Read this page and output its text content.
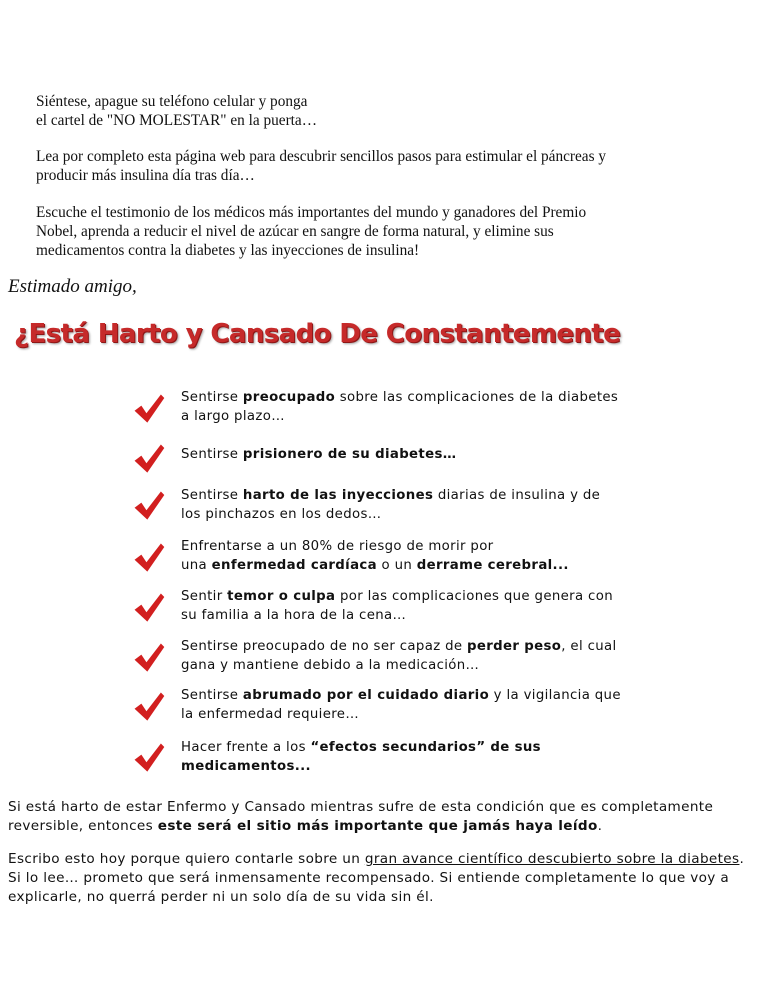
Siéntese, apague su teléfono celular y ponga

el cartel de "NO MOLESTAR" en la puerta…

Lea por completo esta página web para descubrir sencillos pasos para estimular el páncreas y

producir más insulina día tras día…

Escuche el testimonio de los médicos más importantes del mundo y ganadores del Premio

Nobel, aprenda a reducir el nivel de azúcar en sangre de forma natural, y elimine sus

medicamentos contra la diabetes y las inyecciones de insulina!

Estimado amigo,
¿Está Harto y Cansado De Constantemente

Sentirse preocupado sobre las complicaciones de la diabetes
a largo plazo…

Sentirse prisionero de su diabetes…

Sentirse harto de las inyecciones diarias de insulina y de
los pinchazos en los dedos…

Enfrentarse a un 80% de riesgo de morir por
una enfermedad cardíaca o un derrame cerebral...

Sentir temor o culpa por las complicaciones que genera con
su familia a la hora de la cena…

Sentirse preocupado de no ser capaz de perder peso, el cual
gana y mantiene debido a la medicación…

Sentirse abrumado por el cuidado diario y la vigilancia que
la enfermedad requiere…

Hacer frente a los “efectos secundarios” de sus
medicamentos...

Si está harto de estar Enfermo y Cansado mientras sufre de esta condición que es completamente
reversible, entonces este será el sitio más importante que jamás haya leído.

Escribo esto hoy porque quiero contarle sobre un gran avance científico descubierto sobre la diabetes.
Si lo lee… prometo que será inmensamente recompensado. Si entiende completamente lo que voy a
explicarle, no querrá perder ni un solo día de su vida sin él.
